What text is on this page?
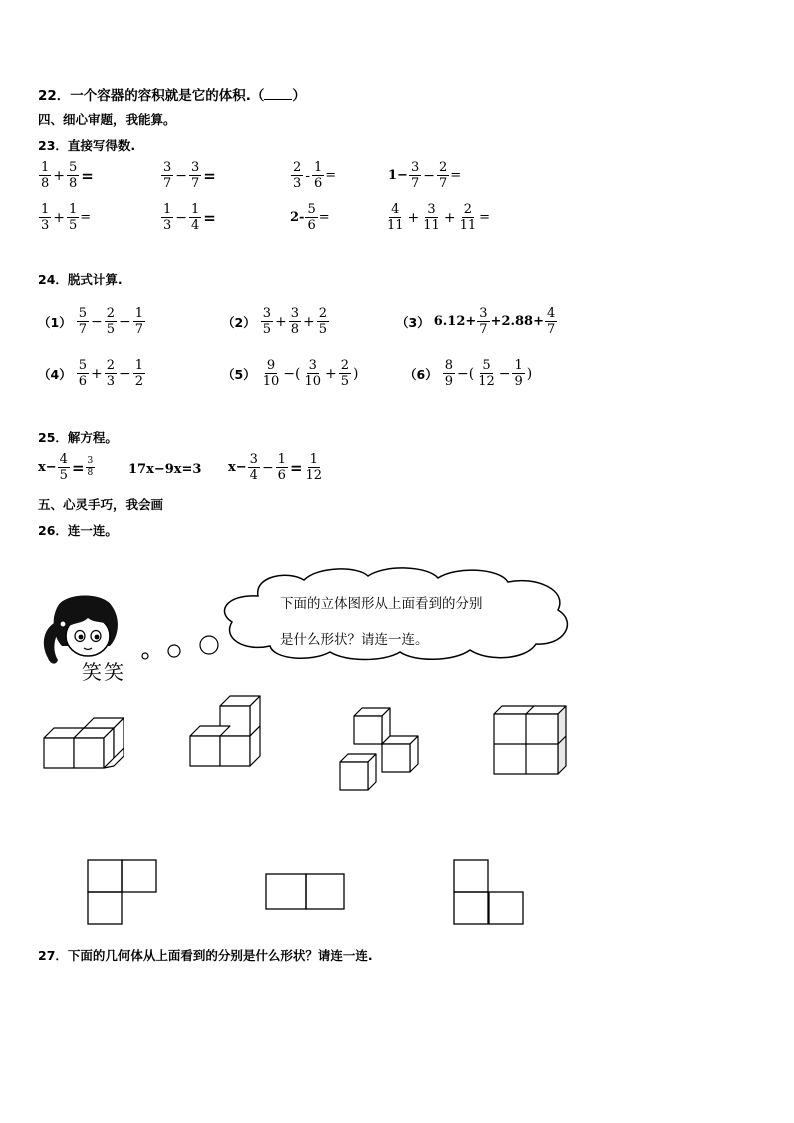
22．一个容器的容积就是它的体积.（ ）
四、细心审题，我能算。
23．直接写得数.
$\frac{1}{8} + \frac{5}{8}$ =	$\frac{3}{7} - \frac{3}{7}$ =	$\frac{2}{3} - \frac{1}{6}$ =	$1- \frac{3}{7} - \frac{2}{7}$ =
$\frac{1}{3} + \frac{1}{5}$ =	$\frac{1}{3} - \frac{1}{4}$ =	$2- \frac{5}{6}$ =	$\frac{4}{11} + \frac{3}{11} + \frac{2}{11}$ =
24．脱式计算.
$(1) \frac{5}{7} - \frac{2}{5} - \frac{1}{7}$	$(2) \frac{3}{5} + \frac{3}{8} + \frac{2}{5}$	（3） $6.12+ \frac{3}{7} +2.88+ \frac{4}{7}$
$(4) \frac{5}{6} + \frac{2}{3} - \frac{1}{2}$	$(5) \frac{9}{10}$ −( $\frac{3}{10} + \frac{2}{5}$ )	$(6) \frac{8}{9}$ −( $\frac{5}{12} - \frac{1}{9}$ )
25．解方程。
$x- \frac{4}{5} = \frac{3}{8}$	17x−9x=3 $x- \frac{3}{4} - \frac{1}{6} = \frac{1}{12}$
五、心灵手巧，我会画
26．连一连。
笑笑
下面的立体图形从上面看到的分别
是什么形状？请连一连。
27．下面的几何体从上面看到的分别是什么形状？请连一连.
